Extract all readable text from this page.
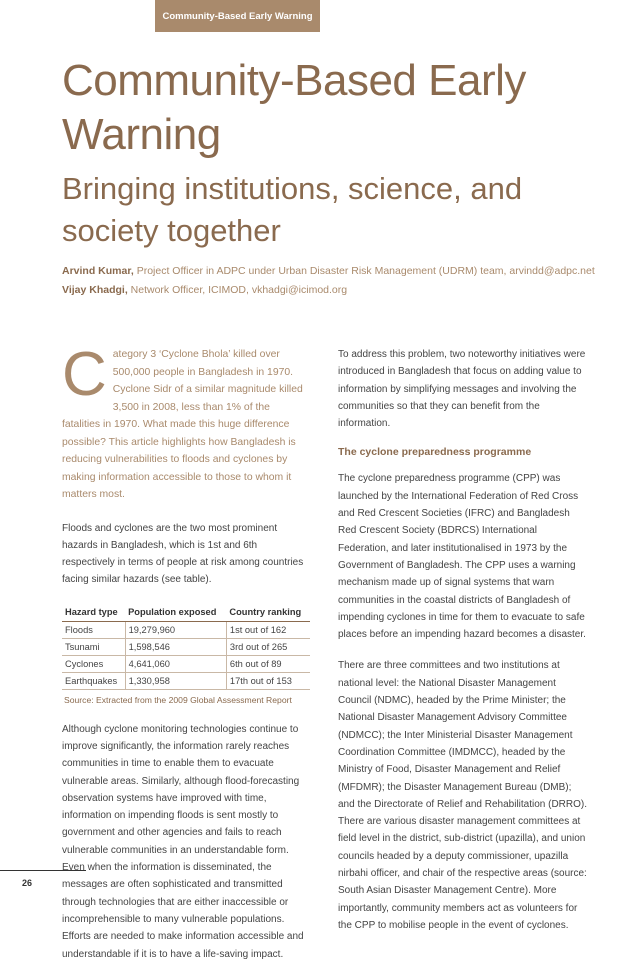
Community-Based Early Warning
Community-Based Early Warning
Bringing institutions, science, and society together
Arvind Kumar, Project Officer in ADPC under Urban Disaster Risk Management (UDRM) team, arvindd@adpc.net
Vijay Khadgi, Network Officer, ICIMOD, vkhadgi@icimod.org

Category 3 ‘Cyclone Bhola’ killed over 500,000 people in Bangladesh in 1970. Cyclone Sidr of a similar magnitude killed 3,500 in 2008, less than 1% of the fatalities in 1970. What made this huge difference possible? This article highlights how Bangladesh is reducing vulnerabilities to floods and cyclones by making information accessible to those to whom it matters most.

Floods and cyclones are the two most prominent hazards in Bangladesh, which is 1st and 6th respectively in terms of people at risk among countries facing similar hazards (see table).

Hazard type	Population exposed	Country ranking
Floods	19,279,960	1st out of 162
Tsunami	1,598,546	3rd out of 265
Cyclones	4,641,060	6th out of 89
Earthquakes	1,330,958	17th out of 153
Source: Extracted from the 2009 Global Assessment Report

Although cyclone monitoring technologies continue to improve significantly, the information rarely reaches communities in time to enable them to evacuate vulnerable areas. Similarly, although flood-forecasting observation systems have improved with time, information on impending floods is sent mostly to government and other agencies and fails to reach vulnerable communities in an understandable form. Even when the information is disseminated, the messages are often sophisticated and transmitted through technologies that are either inaccessible or incomprehensible to many vulnerable populations. Efforts are needed to make information accessible and understandable if it is to have a life-saving impact.

To address this problem, two noteworthy initiatives were introduced in Bangladesh that focus on adding value to information by simplifying messages and involving the communities so that they can benefit from the information.

The cyclone preparedness programme

The cyclone preparedness programme (CPP) was launched by the International Federation of Red Cross and Red Crescent Societies (IFRC) and Bangladesh Red Crescent Society (BDRCS) International Federation, and later institutionalised in 1973 by the Government of Bangladesh. The CPP uses a warning mechanism made up of signal systems that warn communities in the coastal districts of Bangladesh of impending cyclones in time for them to evacuate to safe places before an impending hazard becomes a disaster.

There are three committees and two institutions at national level: the National Disaster Management Council (NDMC), headed by the Prime Minister; the National Disaster Management Advisory Committee (NDMCC); the Inter Ministerial Disaster Management Coordination Committee (IMDMCC), headed by the Ministry of Food, Disaster Management and Relief (MFDMR); the Disaster Management Bureau (DMB); and the Directorate of Relief and Rehabilitation (DRRO). There are various disaster management committees at field level in the district, sub-district (upazilla), and union councils headed by a deputy commissioner, upazilla nirbahi officer, and chair of the respective areas (source: South Asian Disaster Management Centre). More importantly, community members act as volunteers for the CPP to mobilise people in the event of cyclones.

26
